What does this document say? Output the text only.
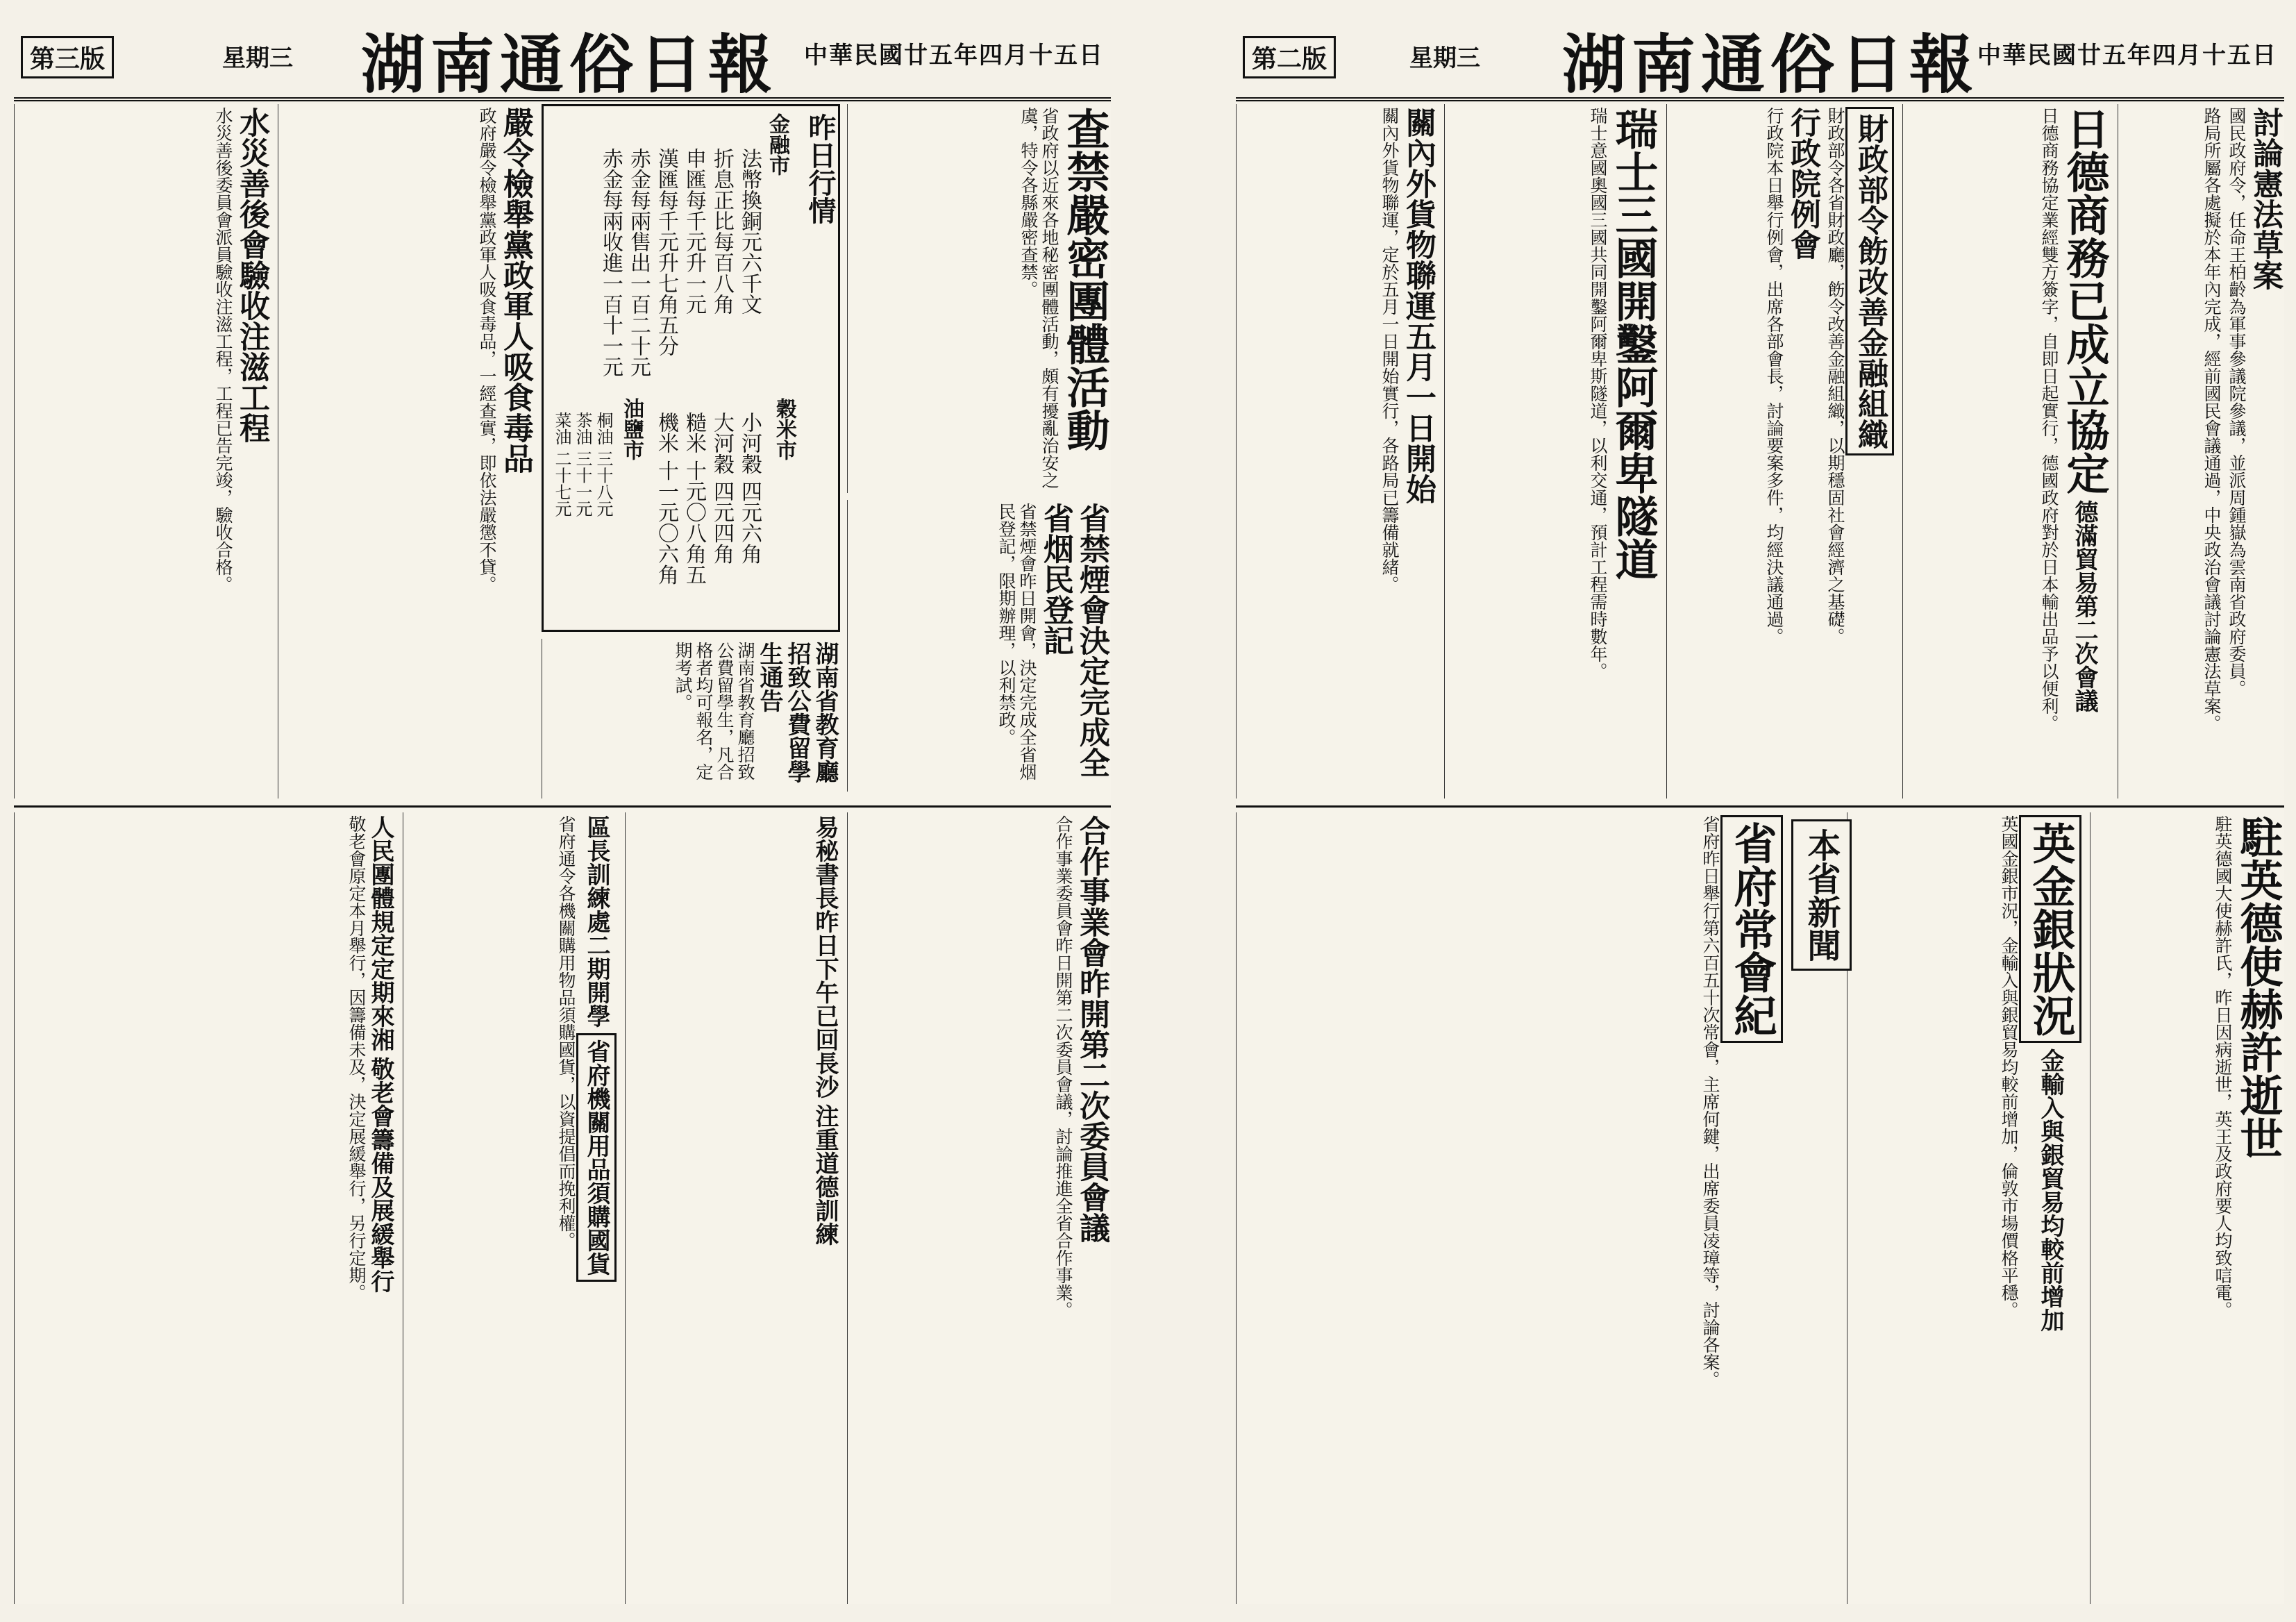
第二版	星期三 湖南通俗日報
中華民國廿五年四月十五日
討論憲法草案

國民政府令，任命王柏齡為軍事參議院參議，並派周鍾嶽為雲南省政府委員。

路局所屬各處擬於本年內完成，經前國民會議通過，中央政治會議討論憲法草案。

日德商務已成立協定 德滿貿易第二次會議

日德商務協定業經雙方簽字，自即日起實行，德國政府對於日本輸出品予以便利。

財政部令飭改善金融組織

財政部令各省財政廳，飭令改善金融組織，以期穩固社會經濟之基礎。

行政院例會

行政院本日舉行例會，出席各部會長，討論要案多件，均經決議通過。

瑞士三國開鑿阿爾卑隧道

瑞士意國奧國三國共同開鑿阿爾卑斯隧道，以利交通，預計工程需時數年。

關內外貨物聯運五月一日開始

關內外貨物聯運，定於五月一日開始實行，各路局已籌備就緒。

駐英德使赫許逝世

駐英德國大使赫許氏，昨日因病逝世，英王及政府要人均致唁電。

英金銀狀況 金輸入與銀貿易均較前增加

英國金銀市況，金輸入與銀貿易均較前增加，倫敦市場價格平穩。

本省新聞
省府常會紀

省府昨日舉行第六百五十次常會，主席何鍵，出席委員凌璋等，討論各案。

第三版	星期三 湖南通俗日報 中華民國廿五年四月十五日
查禁嚴密團體活動

省政府以近來各地秘密團體活動，頗有擾亂治安之虞，特令各縣嚴密查禁。

省禁煙會決定完成全省烟民登記

省禁煙會昨日開會，決定完成全省烟民登記，限期辦理，以利禁政。

昨日行情
金融市
法幣換銅元六千文
折息正比每百八角
申匯每千元升一元
漢匯每千元升七角五分
赤金每兩售出一百二十元
赤金每兩收進一百十一元
穀米市
小河穀 四元六角
大河穀 四元四角
糙米 十元〇八角五
機米 十一元〇六角
油鹽市
桐油 三十八元
茶油 三十一元
菜油 二十七元
嚴令檢舉黨政軍人吸食毒品

政府嚴令檢舉黨政軍人吸食毒品，一經查實，即依法嚴懲不貸。

水災善後會驗收注滋工程

水災善後委員會派員驗收注滋工程，工程已告完竣，驗收合格。

湖南省教育廳招致公費留學生通告

湖南省教育廳招致公費留學生，凡合格者均可報名，定期考試。

合作事業會昨開第二次委員會議

合作事業委員會昨日開第二次委員會議，討論推進全省合作事業。

易秘書長昨日下午已回長沙 注重道德訓練
區長訓練處二期開學 省府機關用品須購國貨

省府通令各機關購用物品須購國貨，以資提倡而挽利權。

人民團體規定定期來湘 敬老會籌備及展緩舉行

敬老會原定本月舉行，因籌備未及，決定展緩舉行，另行定期。
